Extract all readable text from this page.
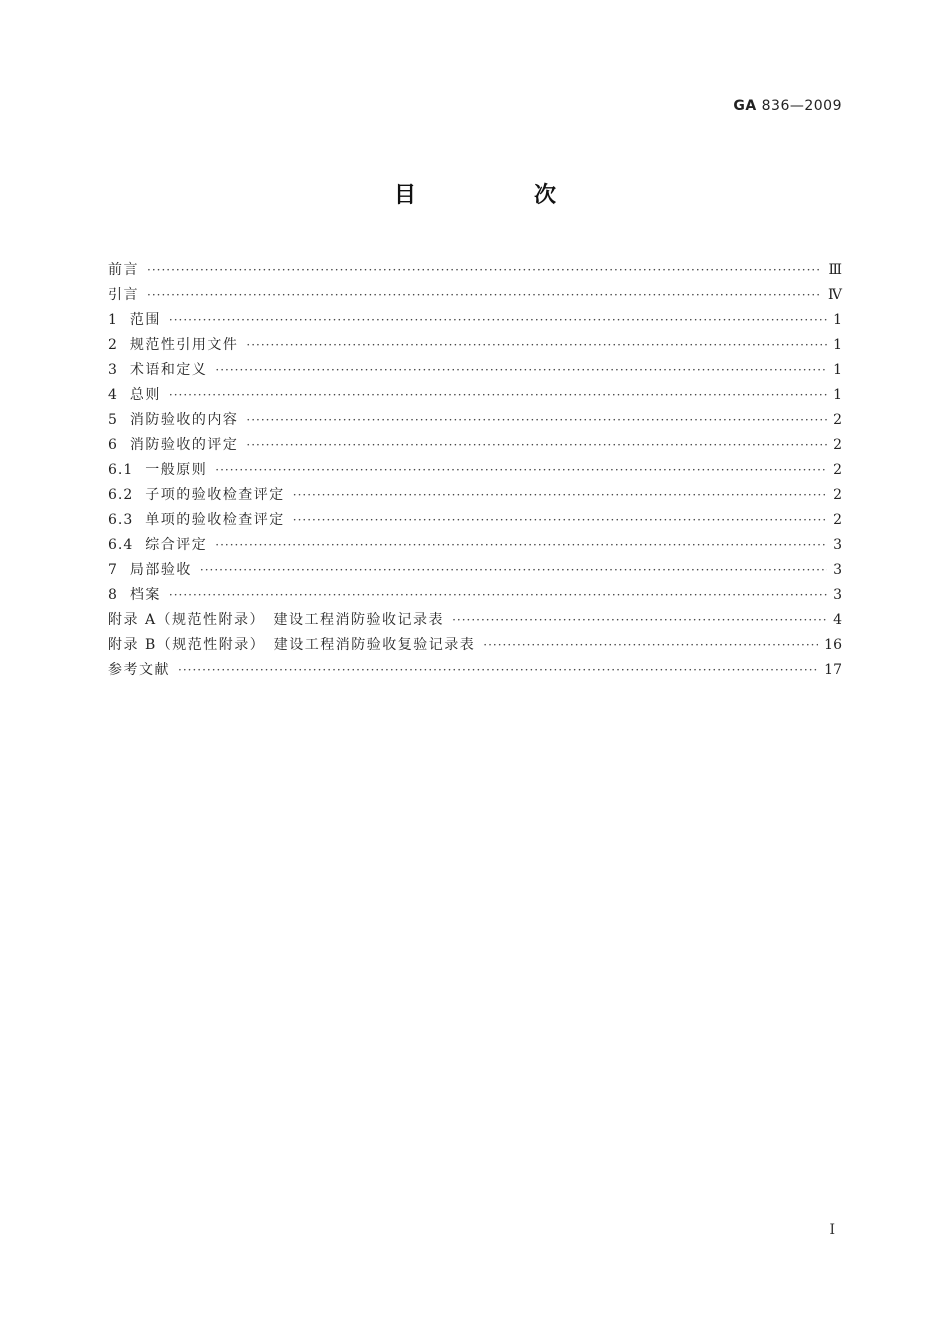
GA 836—2009
目　次
前言 ·····	Ⅲ
引言 ·····	Ⅳ
1 范围 ·····	1
2 规范性引用文件 ·····	1
3 术语和定义 ·····	1
4 总则 ·····	1
5 消防验收的内容 ·····	2
6 消防验收的评定 ·····	2
6.1 一般原则 ·····	2
6.2 子项的验收检查评定 ·····	2
6.3 单项的验收检查评定 ·····	2
6.4 综合评定 ·····	3
7 局部验收 ·····	3
8 档案 ·····	3
附录 A（规范性附录）　建设工程消防验收记录表 ·····	4
附录 B（规范性附录）　建设工程消防验收复验记录表 ·····	16
参考文献 ·····	17
I
